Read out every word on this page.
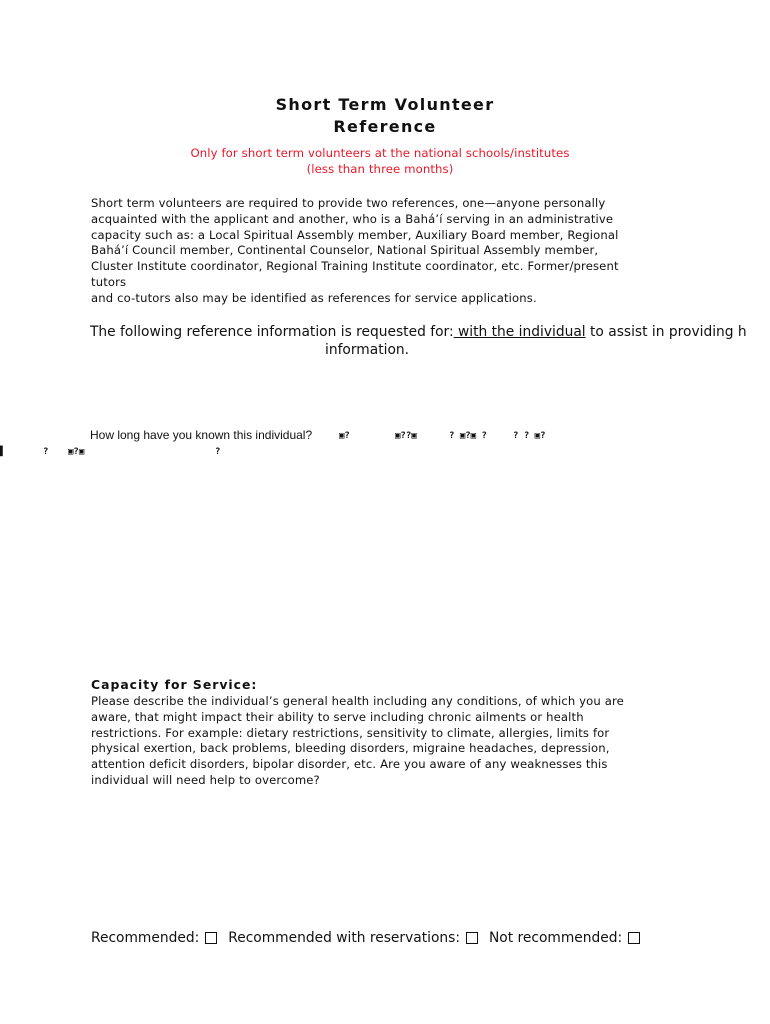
Short Term Volunteer
Reference
Only for short term volunteers at the national schools/institutes
(less than three months)
Short term volunteers are required to provide two references, one—anyone personally
acquainted with the applicant and another, who is a Bahá’í serving in an administrative
capacity such as: a Local Spiritual Assembly member, Auxiliary Board member, Regional
Bahá’í Council member, Continental Counselor, National Spiritual Assembly member,
Cluster Institute coordinator, Regional Training Institute coordinator, etc. Former/present
tutors
and co-tutors also may be identified as references for service applications.
The following reference information is requested for: with the individual to assist in providing h
information.
How long have you known this individual?	▣?	▣??▣	? ▣?▣ ?	? ? ▣?
▌	? ▣?▣	?
Capacity for Service:
Please describe the individual’s general health including any conditions, of which you are
aware, that might impact their ability to serve including chronic ailments or health
restrictions. For example: dietary restrictions, sensitivity to climate, allergies, limits for
physical exertion, back problems, bleeding disorders, migraine headaches, depression,
attention deficit disorders, bipolar disorder, etc. Are you aware of any weaknesses this
individual will need help to overcome?
Recommended: Recommended with reservations: Not recommended:
